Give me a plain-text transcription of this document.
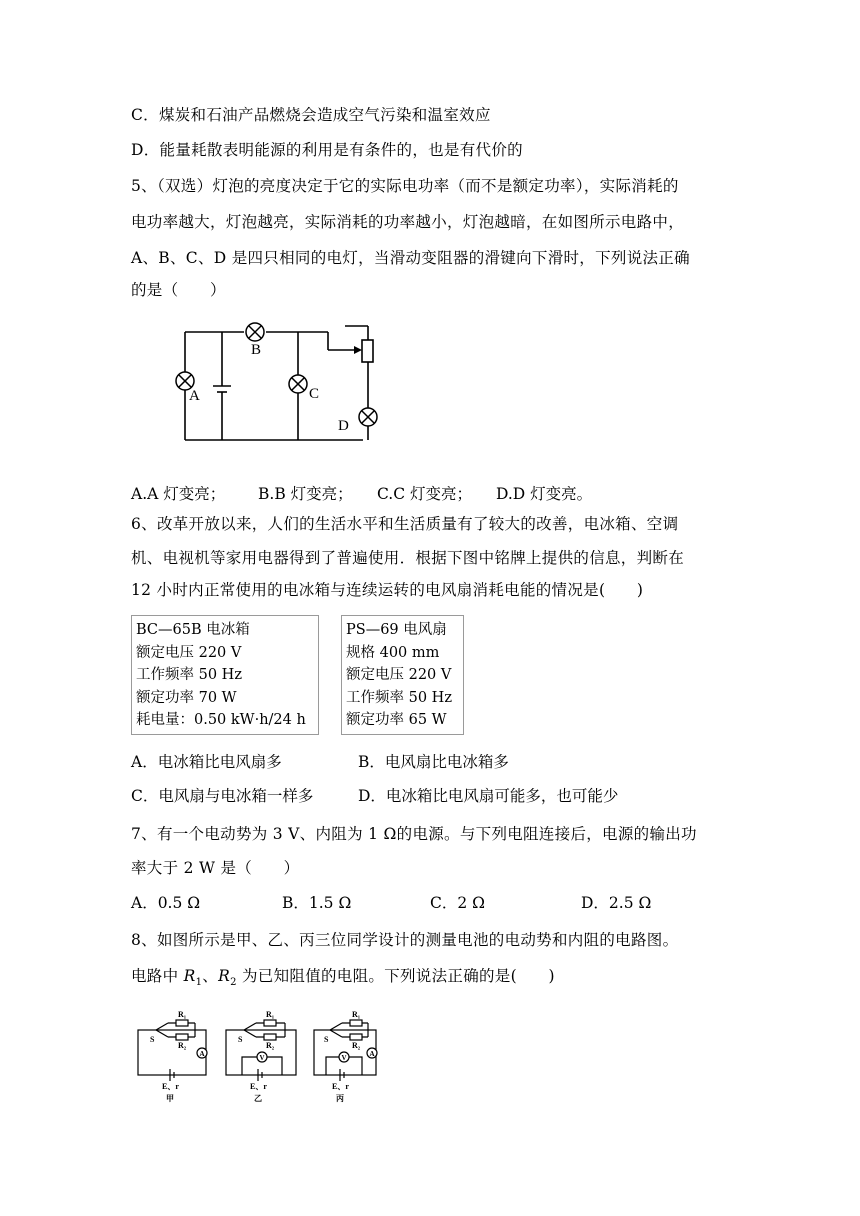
C．煤炭和石油产品燃烧会造成空气污染和温室效应
D．能量耗散表明能源的利用是有条件的，也是有代价的
5、（双选）灯泡的亮度决定于它的实际电功率（而不是额定功率），实际消耗的
电功率越大，灯泡越亮，实际消耗的功率越小，灯泡越暗，在如图所示电路中，
A、B、C、D 是四只相同的电灯，当滑动变阻器的滑键向下滑时，下列说法正确
的是（　　）
B
A	C
D
A.A 灯变亮； B.B 灯变亮； C.C 灯变亮； D.D 灯变亮。
6、改革开放以来，人们的生活水平和生活质量有了较大的改善，电冰箱、空调
机、电视机等家用电器得到了普遍使用．根据下图中铭牌上提供的信息，判断在
12 小时内正常使用的电冰箱与连续运转的电风扇消耗电能的情况是(　　)
BC—65B 电冰箱
额定电压 220 V
工作频率 50 Hz
额定功率 70 W
耗电量：0.50 kW·h/24 h
PS—69 电风扇
规格 400 mm
额定电压 220 V
工作频率 50 Hz
额定功率 65 W
A．电冰箱比电风扇多	B．电风扇比电冰箱多
C．电风扇与电冰箱一样多	D．电冰箱比电风扇可能多，也可能少
7、有一个电动势为 3 V、内阻为 1 Ω的电源。与下列电阻连接后，电源的输出功
率大于 2 W 是（　　）
A．0.5 Ω	B．1.5 Ω	C．2 Ω	D．2.5 Ω
8、如图所示是甲、乙、丙三位同学设计的测量电池的电动势和内阻的电路图。
电路中 $R_1$、$R_2$ 为已知阻值的电阻。下列说法正确的是(　　)
R₁
R₂
S
A
E、r
甲
R₁
R₂
S
V
E、r
乙
R₁
R₂
S
V	A
E、r
丙
